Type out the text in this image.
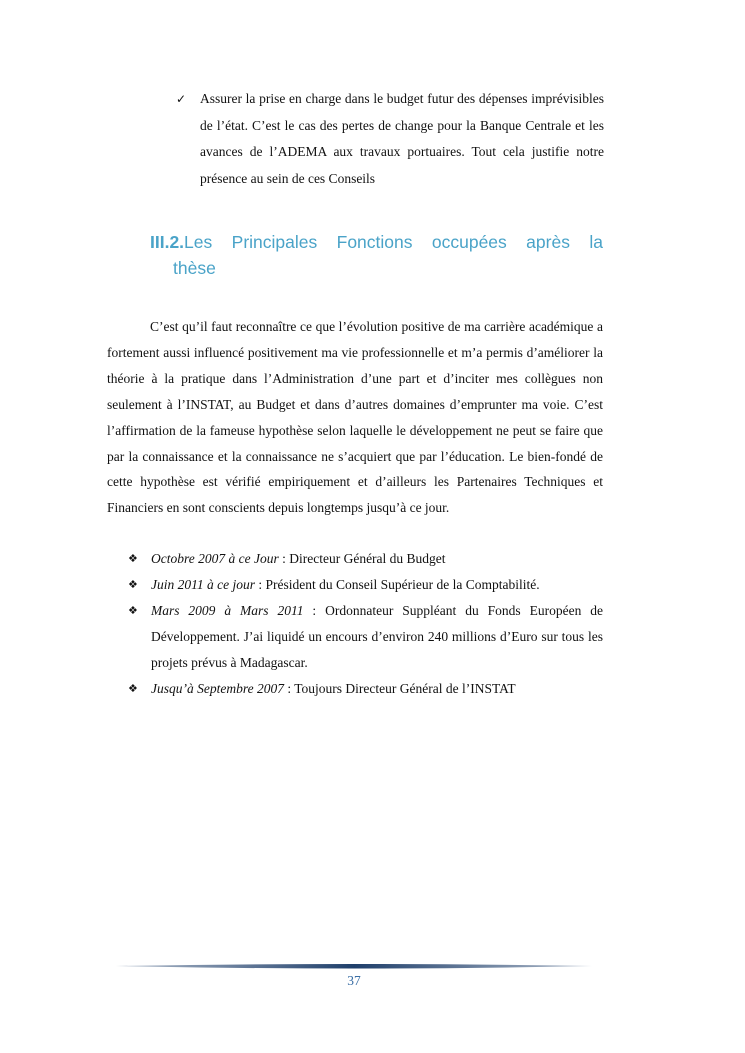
✓ Assurer la prise en charge dans le budget futur des dépenses imprévisibles de l’état. C’est le cas des pertes de change pour la Banque Centrale et les avances de l’ADEMA aux travaux portuaires. Tout cela justifie notre présence au sein de ces Conseils
III.2.Les Principales Fonctions occupées après la
thèse

C’est qu’il faut reconnaître ce que l’évolution positive de ma carrière académique a fortement aussi influencé positivement ma vie professionnelle et m’a permis d’améliorer la théorie à la pratique dans l’Administration d’une part et d’inciter mes collègues non seulement à l’INSTAT, au Budget et dans d’autres domaines d’emprunter ma voie. C’est l’affirmation de la fameuse hypothèse selon laquelle le développement ne peut se faire que par la connaissance et la connaissance ne s’acquiert que par l’éducation. Le bien-fondé de cette hypothèse est vérifié empiriquement et d’ailleurs les Partenaires Techniques et Financiers en sont conscients depuis longtemps jusqu’à ce jour.

❖ Octobre 2007 à ce Jour : Directeur Général du Budget
❖ Juin 2011 à ce jour : Président du Conseil Supérieur de la Comptabilité.
❖ Mars 2009 à Mars 2011 : Ordonnateur Suppléant du Fonds Européen de Développement. J’ai liquidé un encours d’environ 240 millions d’Euro sur tous les projets prévus à Madagascar.
❖ Jusqu’à Septembre 2007 : Toujours Directeur Général de l’INSTAT
37
